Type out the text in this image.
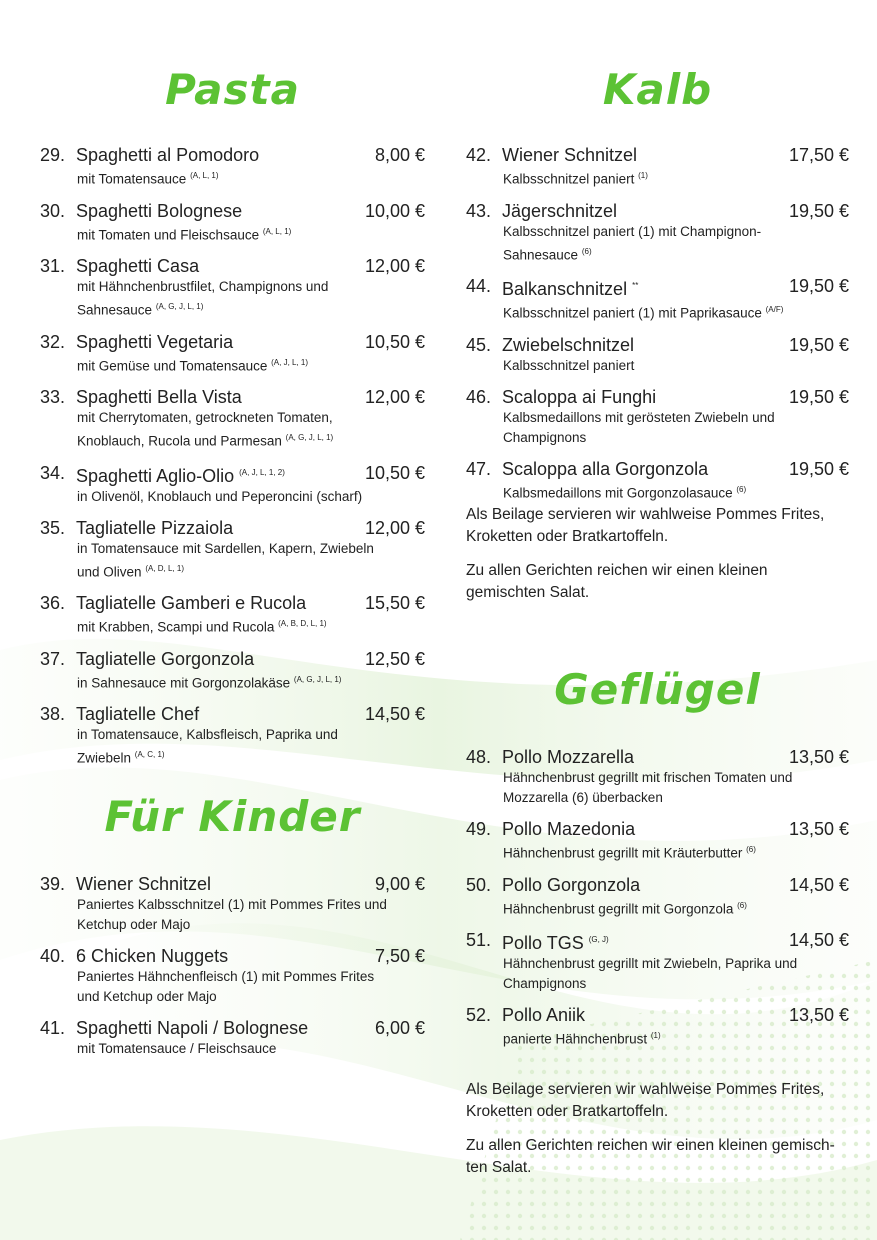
Pasta
29. Spaghetti al Pomodoro	8,00 €
mit Tomatensauce $^{(A, L, 1)}$
30. Spaghetti Bolognese	10,00 €
mit Tomaten und Fleischsauce $^{(A, L, 1)}$
31. Spaghetti Casa	12,00 €
mit Hähnchenbrustfilet, Champignons und Sahnesauce $^{(A, G, J, L, 1)}$
32. Spaghetti Vegetaria	10,50 €
mit Gemüse und Tomatensauce $^{(A, J, L, 1)}$
33. Spaghetti Bella Vista	12,00 €
mit Cherrytomaten, getrockneten Tomaten, Knoblauch, Rucola und Parmesan $^{(A, G, J, L, 1)}$
34. Spaghetti Aglio-Olio $^{(A, J, L, 1, 2)}$	10,50 €
in Olivenöl, Knoblauch und Peperoncini (scharf)
35. Tagliatelle Pizzaiola	12,00 €
in Tomatensauce mit Sardellen, Kapern, Zwiebeln und Oliven $^{(A, D, L, 1)}$
36. Tagliatelle Gamberi e Rucola	15,50 €
mit Krabben, Scampi und Rucola $^{(A, B, D, L, 1)}$
37. Tagliatelle Gorgonzola	12,50 €
in Sahnesauce mit Gorgonzolakäse $^{(A, G, J, L, 1)}$
38. Tagliatelle Chef	14,50 €
in Tomatensauce, Kalbsfleisch, Paprika und Zwiebeln $^{(A, C, 1)}$
Für Kinder
39. Wiener Schnitzel	9,00 €
Paniertes Kalbsschnitzel (1) mit Pommes Frites und Ketchup oder Majo
40. 6 Chicken Nuggets	7,50 €
Paniertes Hähnchenfleisch (1) mit Pommes Frites und Ketchup oder Majo
41. Spaghetti Napoli / Bolognese	6,00 €
mit Tomatensauce / Fleischsauce
Kalb
42. Wiener Schnitzel	17,50 €
Kalbsschnitzel paniert $^{(1)}$
43. Jägerschnitzel	19,50 €
Kalbsschnitzel paniert (1) mit Champignon-Sahnesauce $^{(6)}$
44. Balkanschnitzel **	19,50 €
Kalbsschnitzel paniert (1) mit Paprikasauce $^{(A/F)}$
45. Zwiebelschnitzel	19,50 €
Kalbsschnitzel paniert
46. Scaloppa ai Funghi	19,50 €
Kalbsmedaillons mit gerösteten Zwiebeln und Champignons
47. Scaloppa alla Gorgonzola	19,50 €
Kalbsmedaillons mit Gorgonzolasauce $^{(6)}$
Als Beilage servieren wir wahlweise Pommes Frites, Kroketten oder Bratkartoffeln.
Zu allen Gerichten reichen wir einen kleinen gemischten Salat.
Geflügel
48. Pollo Mozzarella	13,50 €
Hähnchenbrust gegrillt mit frischen Tomaten und Mozzarella (6) überbacken
49. Pollo Mazedonia	13,50 €
Hähnchenbrust gegrillt mit Kräuterbutter $^{(6)}$
50. Pollo Gorgonzola	14,50 €
Hähnchenbrust gegrillt mit Gorgonzola $^{(6)}$
51. Pollo TGS $^{(G, J)}$	14,50 €
Hähnchenbrust gegrillt mit Zwiebeln, Paprika und Champignons
52. Pollo Aniik	13,50 €
panierte Hähnchenbrust $^{(1)}$
Als Beilage servieren wir wahlweise Pommes Frites, Kroketten oder Bratkartoffeln.
Zu allen Gerichten reichen wir einen kleinen gemisch-ten Salat.
